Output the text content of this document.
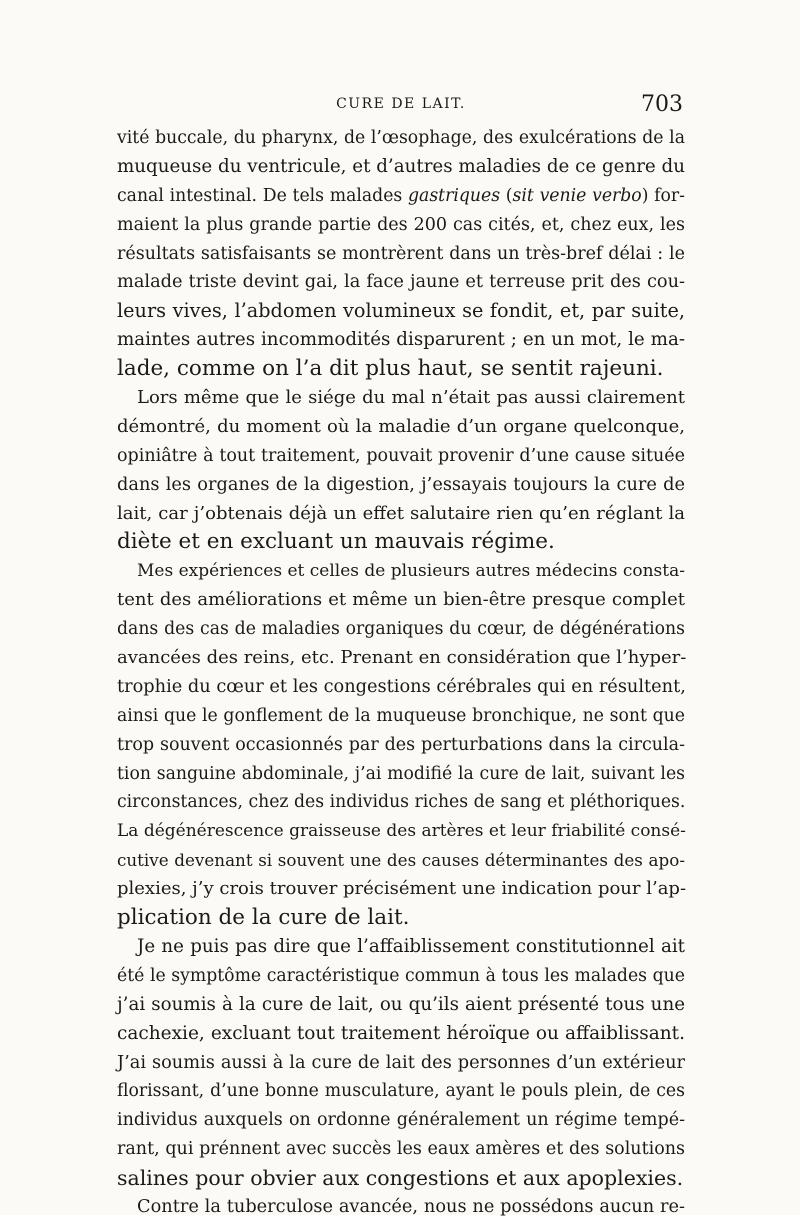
CURE DE LAIT.	703
vité buccale, du pharynx, de l’œsophage, des exulcérations de la
muqueuse du ventricule, et d’autres maladies de ce genre du
canal intestinal. De tels malades gastriques (sit venie verbo) for-
maient la plus grande partie des 200 cas cités, et, chez eux, les
résultats satisfaisants se montrèrent dans un très-bref délai : le
malade triste devint gai, la face jaune et terreuse prit des cou-
leurs vives, l’abdomen volumineux se fondit, et, par suite,
maintes autres incommodités disparurent ; en un mot, le ma-
lade, comme on l’a dit plus haut, se sentit rajeuni.
Lors même que le siége du mal n’était pas aussi clairement
démontré, du moment où la maladie d’un organe quelconque,
opiniâtre à tout traitement, pouvait provenir d’une cause située
dans les organes de la digestion, j’essayais toujours la cure de
lait, car j’obtenais déjà un effet salutaire rien qu’en réglant la
diète et en excluant un mauvais régime.
Mes expériences et celles de plusieurs autres médecins consta-
tent des améliorations et même un bien-être presque complet
dans des cas de maladies organiques du cœur, de dégénérations
avancées des reins, etc. Prenant en considération que l’hyper-
trophie du cœur et les congestions cérébrales qui en résultent,
ainsi que le gonflement de la muqueuse bronchique, ne sont que
trop souvent occasionnés par des perturbations dans la circula-
tion sanguine abdominale, j’ai modifié la cure de lait, suivant les
circonstances, chez des individus riches de sang et pléthoriques.
La dégénérescence graisseuse des artères et leur friabilité consé-
cutive devenant si souvent une des causes déterminantes des apo-
plexies, j’y crois trouver précisément une indication pour l’ap-
plication de la cure de lait.
Je ne puis pas dire que l’affaiblissement constitutionnel ait
été le symptôme caractéristique commun à tous les malades que
j’ai soumis à la cure de lait, ou qu’ils aient présenté tous une
cachexie, excluant tout traitement héroïque ou affaiblissant.
J’ai soumis aussi à la cure de lait des personnes d’un extérieur
florissant, d’une bonne musculature, ayant le pouls plein, de ces
individus auxquels on ordonne généralement un régime tempé-
rant, qui prénnent avec succès les eaux amères et des solutions
salines pour obvier aux congestions et aux apoplexies.
Contre la tuberculose avancée, nous ne possédons aucun re-
